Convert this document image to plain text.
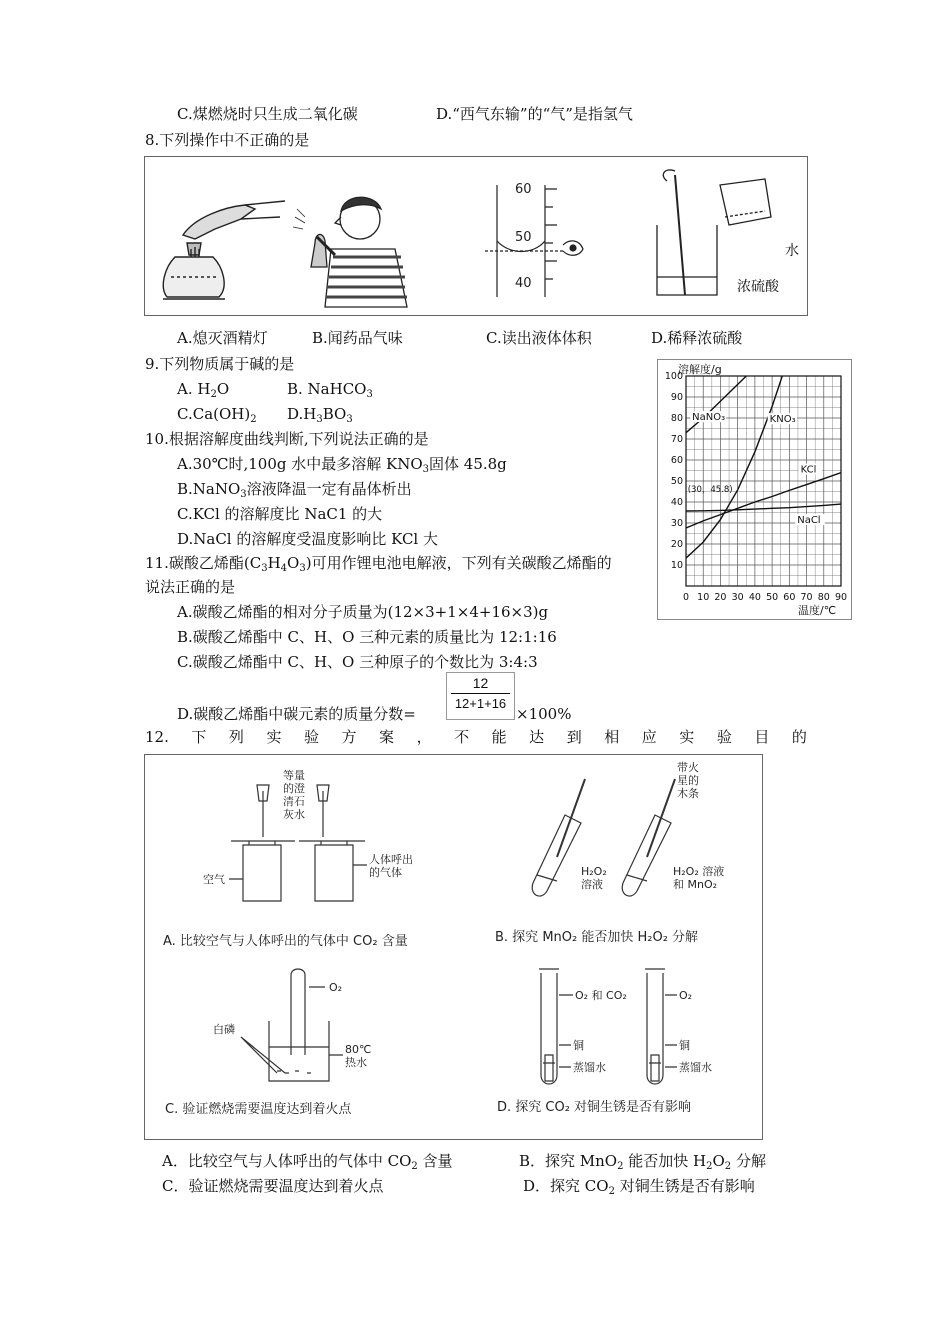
C.煤燃烧时只生成二氧化碳	D.“西气东输”的“气”是指氢气
8.下列操作中不正确的是
60
50
40
水
浓硫酸
A.熄灭酒精灯	B.闻药品气味	C.读出液体体积	D.稀释浓硫酸
9.下列物质属于碱的是
A. $H_2O$	B. NaHCO$_3$
$C.Ca(OH)_2$ $D.H_3BO_3$
10.根据溶解度曲线判断,下列说法正确的是
A.30℃时,100g 水中最多溶解 $KNO_3$固体 45.8g
B.NaNO$_3$溶液降温一定有晶体析出
C.KCl 的溶解度比 NaC1 的大
D.NaCl 的溶解度受温度影响比 KCl 大
溶解度/g
温度/℃
0 10 20 30 40 50 60 70 80 90
10
20
30
40
50
60
70
80
90
100
NaNO₃	KNO₃
KCl
NaCl
(30，45.8)
11.碳酸乙烯酯$(C_3H_4O_3)$可用作锂电池电解液，下列有关碳酸乙烯酯的
说法正确的是
A.碳酸乙烯酯的相对分子质量为(12×3+1×4+16×3)g
B.碳酸乙烯酯中 C、H、O 三种元素的质量比为 12:1:16
C.碳酸乙烯酯中 C、H、O 三种原子的个数比为 3:4:3
D.碳酸乙烯酯中碳元素的质量分数=
12
12+1+16
×100%
12. 下 列 实 验 方 案 ， 不 能 达 到 相 应 实 验 目 的
等量
的澄
清石
灰水
空气
人体呼出
的气体
A. 比较空气与人体呼出的气体中 CO₂ 含量
带火
星的
木条
H₂O₂
溶液
H₂O₂ 溶液
和 MnO₂
B. 探究 MnO₂ 能否加快 H₂O₂ 分解
O₂
白磷
80℃
热水
C. 验证燃烧需要温度达到着火点
O₂ 和 CO₂	O₂
铜	铜
蒸馏水	蒸馏水
D. 探究 CO₂ 对铜生锈是否有影响
A．比较空气与人体呼出的气体中 $CO_2$ 含量	B．探究 MnO$_2$ 能否加快 $H_2O_2$ 分解
C．验证燃烧需要温度达到着火点	D．探究 $CO_2$ 对铜生锈是否有影响
